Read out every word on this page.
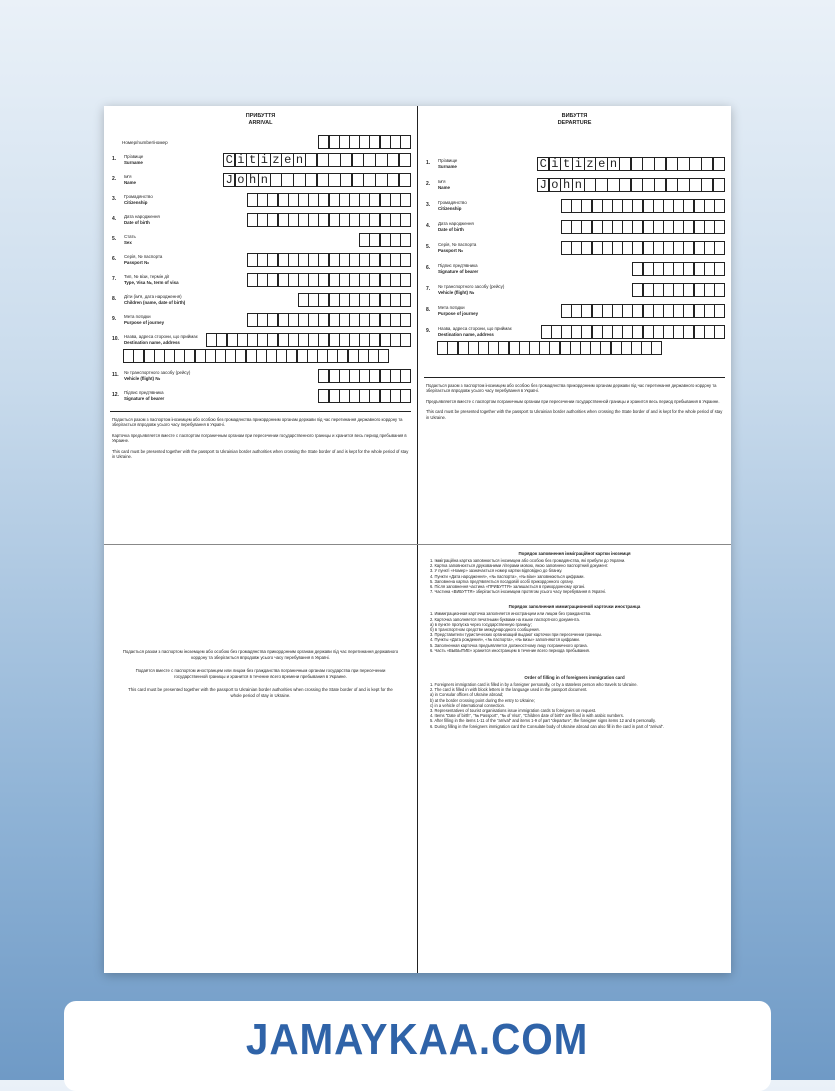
ПРИБУТТЯ
ARRIVAL
Номер/number/номер
1.	Прізвище
Surname	C i t i z e n
2.	Ім'я
Name	J o h n
3.	Громадянство
Citizenship
4.	Дата народження
Date of birth
5.	Стать
Sex
6.	Серія, № паспорта
Passport №
7.	Тип, № візи, термін дії
Type, Visa №, term of visa
8.	Діти (ім'я, дата народження)
Children (name, date of birth)
9.	Мета поїздки
Purpose of journey
10.	Назва, адреса сторони, що приймає
Destination name, address
11.	№ транспортного засобу (рейсу)
Vehicle (flight) №
12.	Підпис пред'явника
Signature of bearer
Подається разом з паспортом іноземцем або особою без громадянства прикордонним органам держави під час перетинання державного кордону та зберігається впродовж усього часу перебування в Україні.
Карточка предъявляется вместе с паспортом пограничным органам при пересечении государственного границы и хранится весь период пребывания в Украине.
This card must be presented together with the passport to Ukrainian border authorities when crossing the State border of and is kept for the whole period of stay in Ukraine.
ВИБУТТЯ
DEPARTURE
1.	Прізвище
Surname	C i t i z e n
2.	Ім'я
Name	J o h n
3.	Громадянство
Citizenship
4.	Дата народження
Date of birth
5.	Серія, № паспорта
Passport №
6.	Підпис пред'явника
Signature of bearer
7.	№ транспортного засобу (рейсу)
Vehicle (flight) №
8.	Мета поїздки
Purpose of journey
9.	Назва, адреса сторони, що приймає
Destination name, address
Подається разом з паспортом іноземцем або особою без громадянства прикордонним органам держави під час перетинання державного кордону та зберігається впродовж усього часу перебування в Україні.
Предъявляется вместе с паспортом пограничным органам при пересечении государственной границы и хранится весь период пребывания в Украине.
This card must be presented together with the passport to Ukrainian border authorities when crossing the State border of and is kept for the whole period of stay in Ukraine.
Подається разом з паспортом іноземцем або особою без громадянства прикордонним органам держави під час перетинання державного кордону та зберігається впродовж усього часу перебування в Україні.
Подаётся вместе с паспортом иностранцем или лицом без гражданства пограничным органам государства при пересечении государственной границы и хранится в течение всего времени пребывания в Украине.
This card must be presented together with the passport to Ukrainian border authorities when crossing the State border of and is kept for the whole period of stay in Ukraine.
Порядок заповнення імміграційної картки іноземця
1. Імміграційна картка заповнюється іноземцем або особою без громадянства, які прибули до України.
2. Картка заповнюється друкованими літерами мовою, якою заповнено паспортний документ.
3. У пункті «Номер» зазначається номер картки відповідно до бланку.
4. Пункти «Дата народження», «№ паспорта», «№ візи» заповнюються цифрами.
5. Заповнена картка пред'являється посадовій особі прикордонного органу.
6. Після заповнення частина «ПРИБУТТЯ» залишається в прикордонному органі.
7. Частина «ВИБУТТЯ» зберігається іноземцем протягом усього часу перебування в Україні.
Порядок заполнения иммиграционной карточки иностранца
1. Иммиграционная карточка заполняется иностранцем или лицом без гражданства.
2. Карточка заполняется печатными буквами на языке паспортного документа.
а) в пункте пропуска через государственную границу;
б) в транспортном средстве международного сообщения.
3. Представители туристических организаций выдают карточки при пересечении границы.
4. Пункты «Дата рождения», «№ паспорта», «№ визы» заполняются цифрами.
5. Заполненная карточка предъявляется должностному лицу пограничного органа.
6. Часть «ВЫБЫТИЕ» хранится иностранцем в течение всего периода пребывания.
Order of filling in of foreigners immigration card
1. Foreigners immigration card is filled in by a foreigner personally, or by a stateless person who travels to Ukraine.
2. The card is filled in with block letters in the language used in the passport document.
a) in Consular offices of Ukraine abroad;
b) at the border crossing point during the entry to Ukraine;
c) in a vehicle of international connection.
3. Representatives of tourist organisations issue immigration cards to foreigners on request.
4. Items "Date of birth", "№ Passport", "№ of Visa", "Children date of birth" are filled in with arabic numbers.
5. After filling in the items 1-11 of the "arrival" and items 1-9 of part "departure", the foreigner signs items 12 and 6 personally.
6. During filling in the foreigners immigration card the Consulate body of Ukraine abroad can also fill in the card in part of "arrival".
JAMAYKAA.COM
